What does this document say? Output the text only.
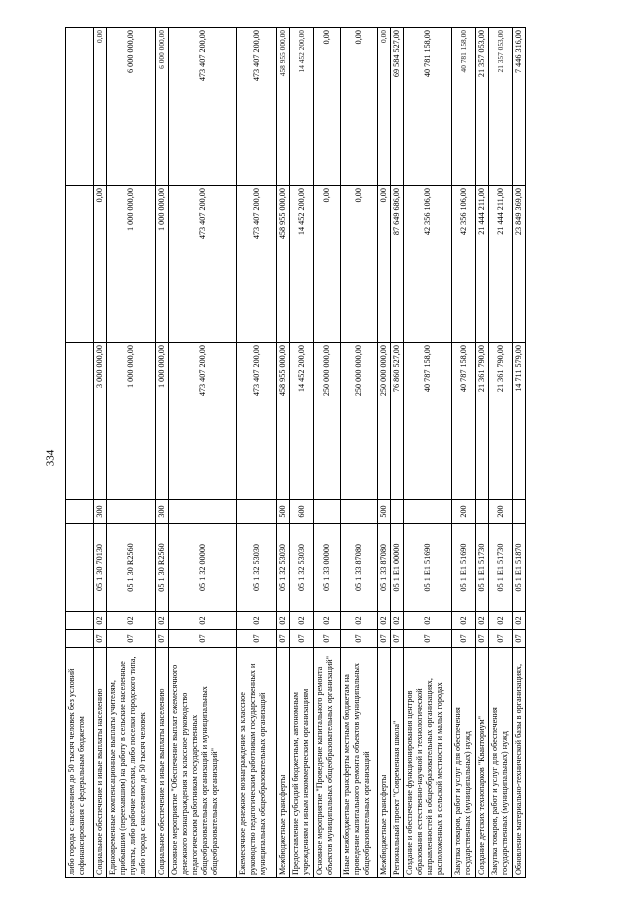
334
либо города с населением до 50 тысяч человек без условий софинансирования с федеральным бюджетом							
Социальное обеспечение и иные выплаты населению	07	02	05 1 30 70130	300	3 000 000,00	0,00	0,00
Единовременные компенсационные выплаты учителям, прибывшим (переехавшим) на работу в сельские населенные пункты, либо рабочие поселки, либо поселки городского типа, либо города с населением до 50 тысяч человек	07	02	05 1 30 R2560		1 000 000,00	1 000 000,00	6 000 000,00
Социальное обеспечение и иные выплаты населению	07	02	05 1 30 R2560	300	1 000 000,00	1 000 000,00	6 000 000,00
Основное мероприятие "Обеспечение выплат ежемесячного денежного вознаграждения за классное руководство педагогическим работникам государственных общеобразовательных организаций и муниципальных общеобразовательных организаций"	07	02	05 1 32 00000		473 407 200,00	473 407 200,00	473 407 200,00
Ежемесячное денежное вознаграждение за классное руководство педагогическим работникам государственных и муниципальных общеобразовательных организаций	07	02	05 1 32 53030		473 407 200,00	473 407 200,00	473 407 200,00
Межбюджетные трансферты	07	02	05 1 32 53030	500	458 955 000,00	458 955 000,00	458 955 000,00
Предоставление субсидий бюджетным, автономным учреждениям и иным некоммерческим организациям	07	02	05 1 32 53030	600	14 452 200,00	14 452 200,00	14 452 200,00
Основное мероприятие "Проведение капитального ремонта объектов муниципальных общеобразовательных организаций"	07	02	05 1 33 00000		250 000 000,00	0,00	0,00
Иные межбюджетные трансферты местным бюджетам на проведение капитального ремонта объектов муниципальных общеобразовательных организаций	07	02	05 1 33 87080		250 000 000,00	0,00	0,00
Межбюджетные трансферты	07	02	05 1 33 87080	500	250 000 000,00	0,00	0,00
Региональный проект "Современная школа"	07	02	05 1 Е1 00000		76 860 527,00	87 649 686,00	69 584 527,00
Создание и обеспечение функционирования центров образования естественно-научной и технологической направленностей в общеобразовательных организациях, расположенных в сельской местности и малых городах	07	02	05 1 Е1 51690		40 787 158,00	42 356 106,00	40 781 158,00
Закупка товаров, работ и услуг для обеспечения государственных (муниципальных) нужд	07	02	05 1 Е1 51690	200	40 787 158,00	42 356 106,00	40 781 158,00
Создание детских технопарков "Кванториум"	07	02	05 1 Е1 51730		21 361 790,00	21 444 211,00	21 357 053,00
Закупка товаров, работ и услуг для обеспечения государственных (муниципальных) нужд	07	02	05 1 Е1 51730	200	21 361 790,00	21 444 211,00	21 357 053,00
Обновление материально-технической базы в организациях,	07	02	05 1 Е1 51870		14 711 579,00	23 849 369,00	7 446 316,00
